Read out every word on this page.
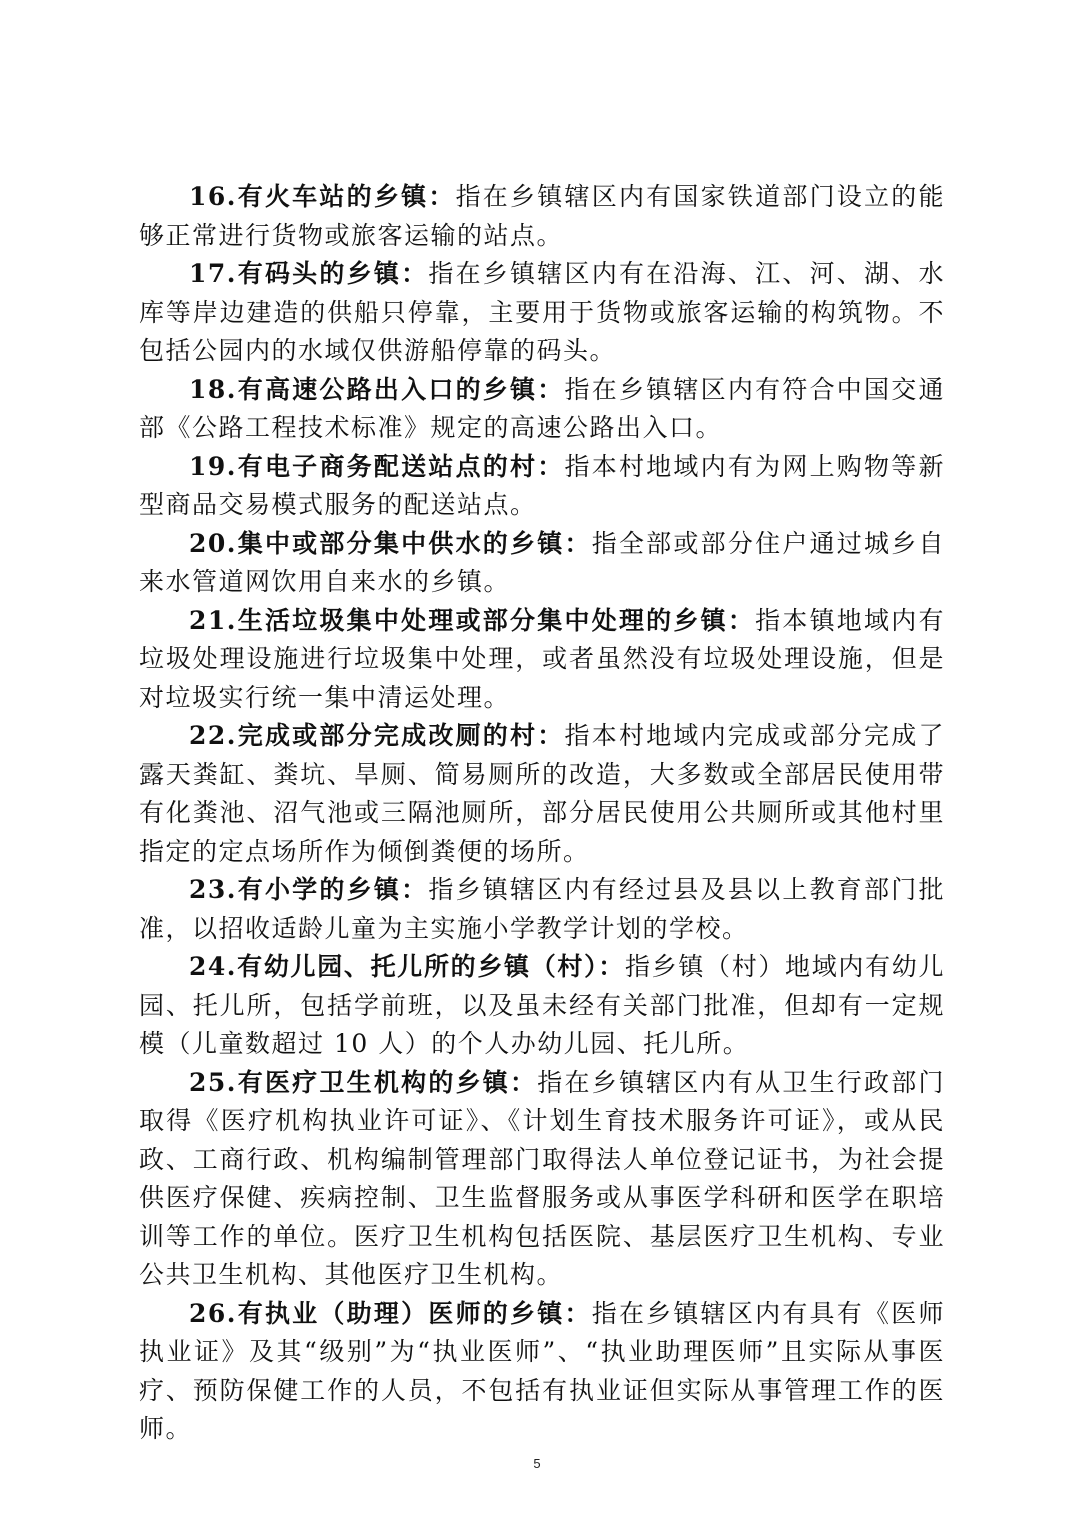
16.有火车站的乡镇：指在乡镇辖区内有国家铁道部门设立的能够正常进行货物或旅客运输的站点。

17.有码头的乡镇：指在乡镇辖区内有在沿海、江、河、湖、水库等岸边建造的供船只停靠，主要用于货物或旅客运输的构筑物。不包括公园内的水域仅供游船停靠的码头。

18.有高速公路出入口的乡镇：指在乡镇辖区内有符合中国交通部《公路工程技术标准》规定的高速公路出入口。

19.有电子商务配送站点的村：指本村地域内有为网上购物等新型商品交易模式服务的配送站点。

20.集中或部分集中供水的乡镇：指全部或部分住户通过城乡自来水管道网饮用自来水的乡镇。

21.生活垃圾集中处理或部分集中处理的乡镇：指本镇地域内有垃圾处理设施进行垃圾集中处理，或者虽然没有垃圾处理设施，但是对垃圾实行统一集中清运处理。

22.完成或部分完成改厕的村：指本村地域内完成或部分完成了露天粪缸、粪坑、旱厕、简易厕所的改造，大多数或全部居民使用带有化粪池、沼气池或三隔池厕所，部分居民使用公共厕所或其他村里指定的定点场所作为倾倒粪便的场所。

23.有小学的乡镇：指乡镇辖区内有经过县及县以上教育部门批准，以招收适龄儿童为主实施小学教学计划的学校。

24.有幼儿园、托儿所的乡镇（村）：指乡镇（村）地域内有幼儿园、托儿所，包括学前班，以及虽未经有关部门批准，但却有一定规模（儿童数超过 10 人）的个人办幼儿园、托儿所。

25.有医疗卫生机构的乡镇：指在乡镇辖区内有从卫生行政部门取得《医疗机构执业许可证》、《计划生育技术服务许可证》，或从民政、工商行政、机构编制管理部门取得法人单位登记证书，为社会提供医疗保健、疾病控制、卫生监督服务或从事医学科研和医学在职培训等工作的单位。医疗卫生机构包括医院、基层医疗卫生机构、专业公共卫生机构、其他医疗卫生机构。

26.有执业（助理）医师的乡镇：指在乡镇辖区内有具有《医师执业证》及其“级别”为“执业医师”、“执业助理医师”且实际从事医疗、预防保健工作的人员，不包括有执业证但实际从事管理工作的医师。

5
